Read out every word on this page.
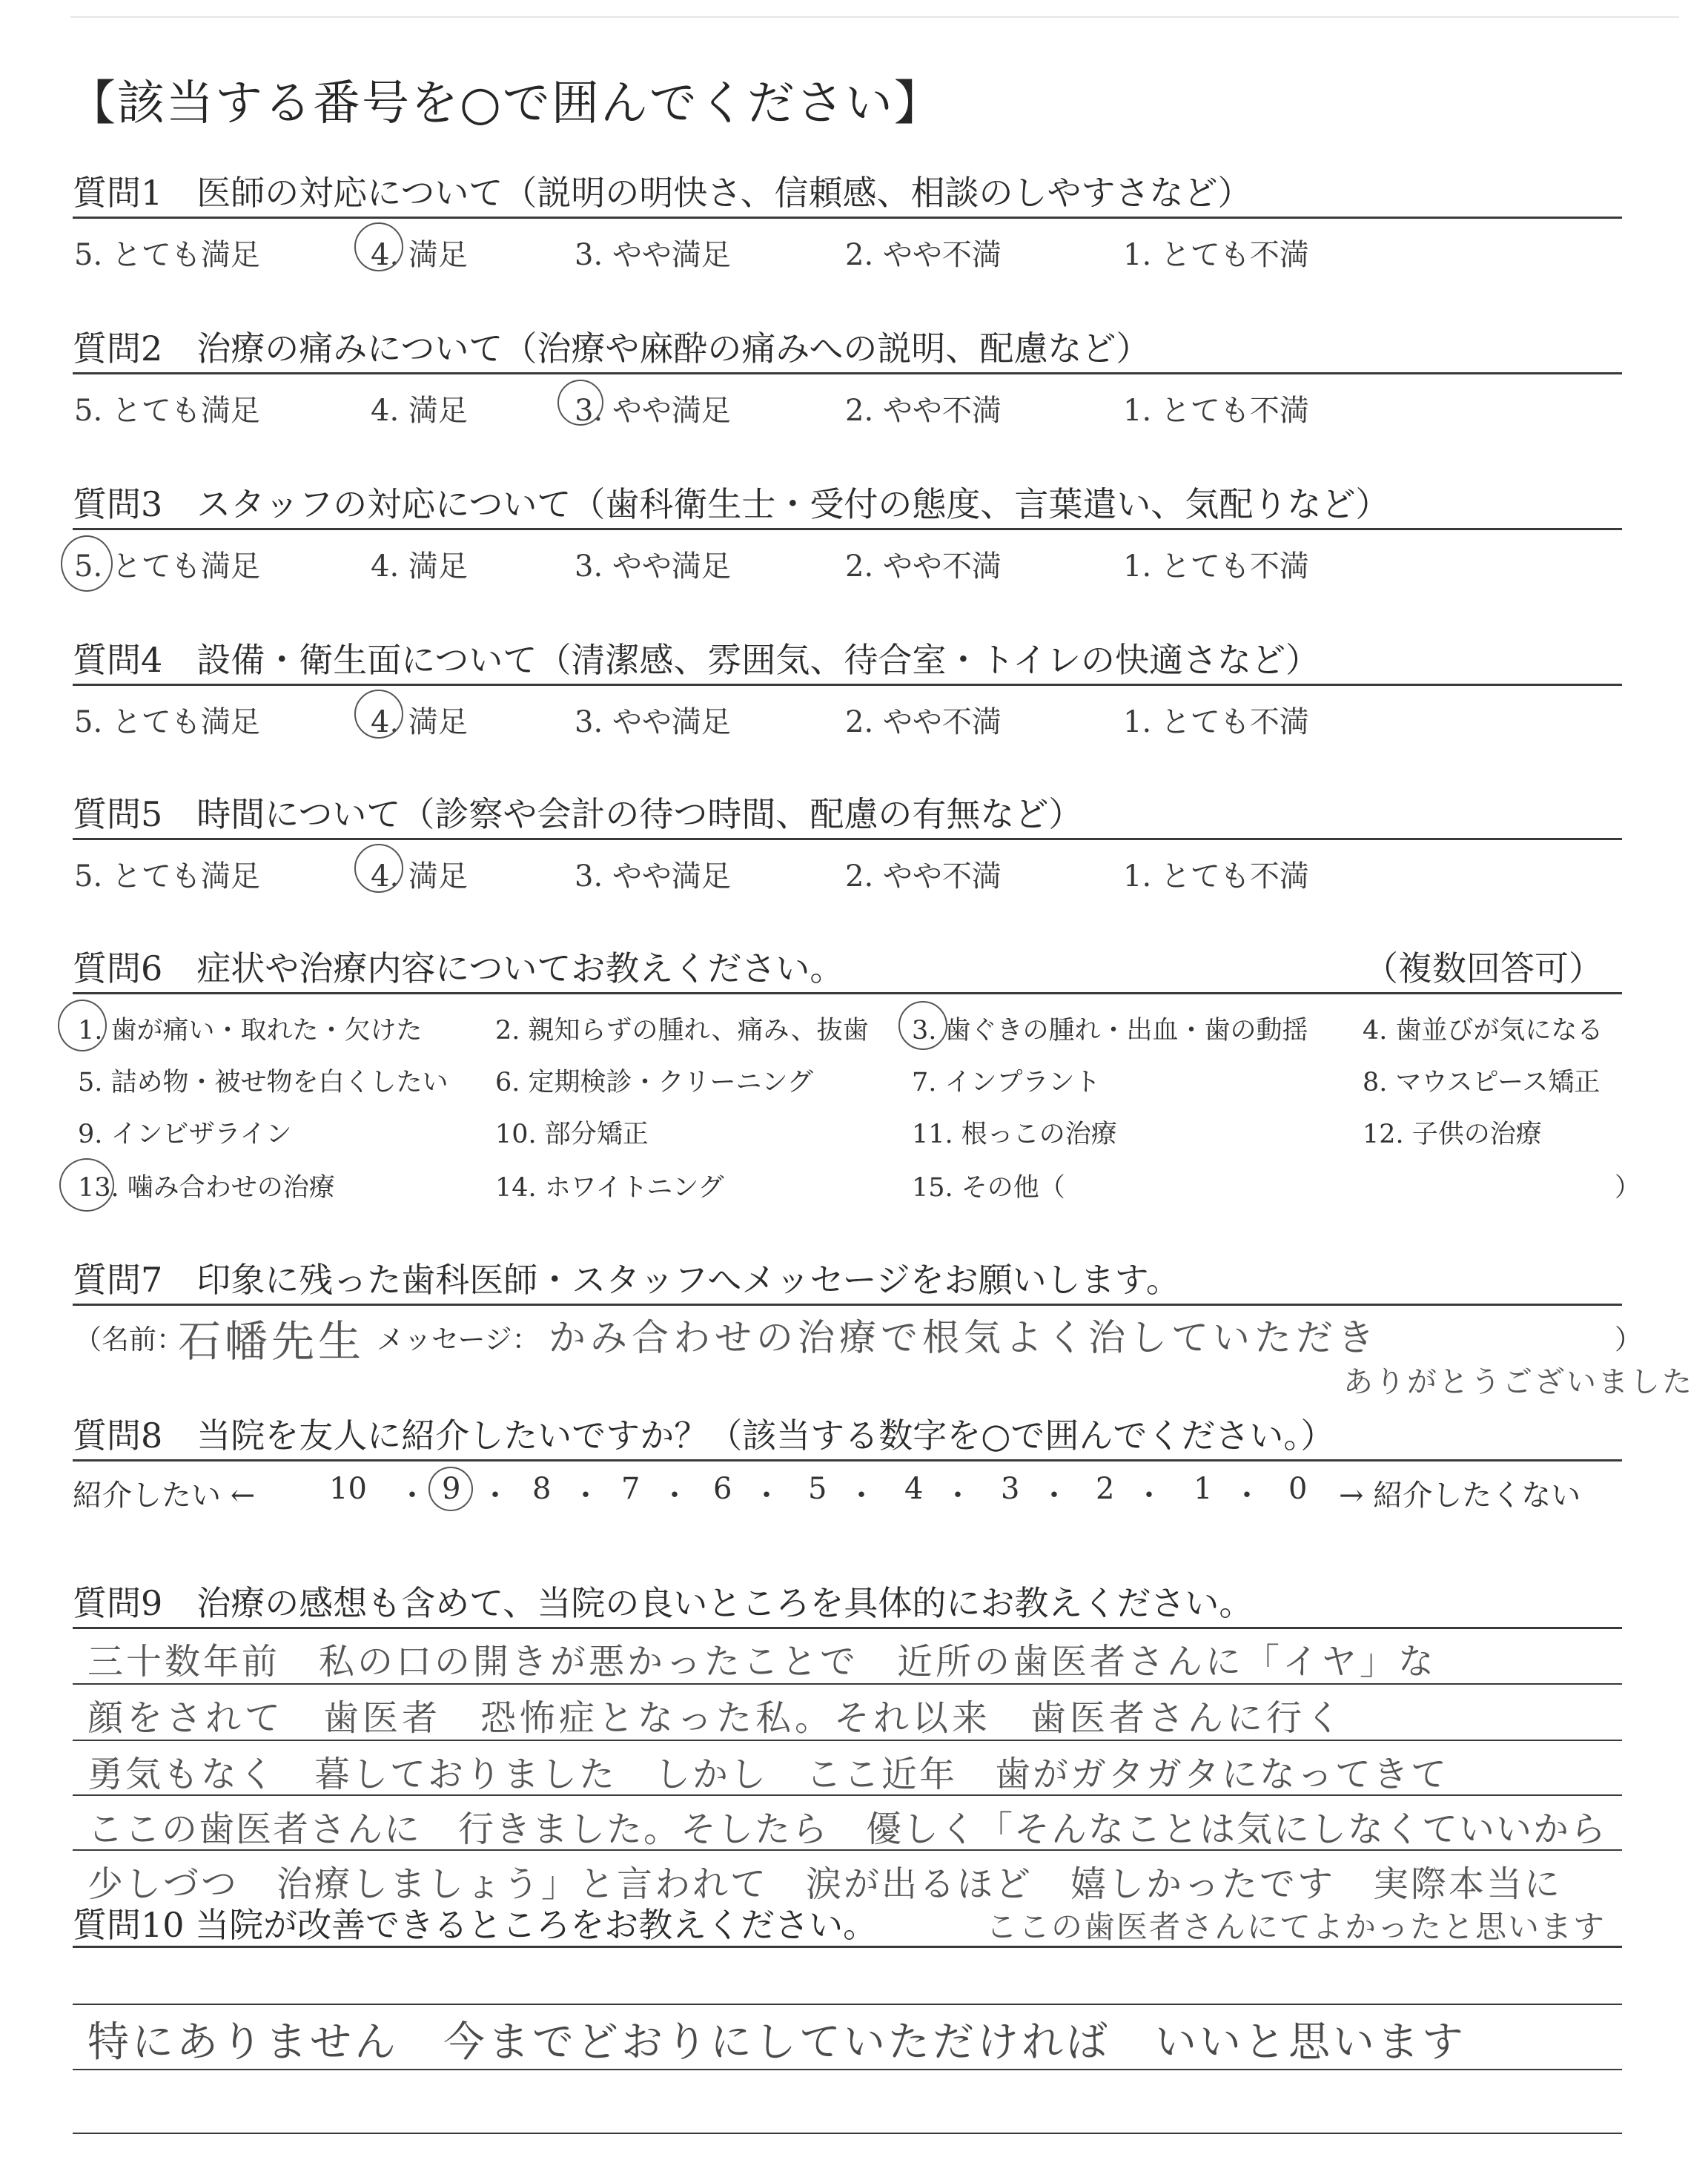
【該当する番号を○で囲んでください】
質問1　医師の対応について（説明の明快さ、信頼感、相談のしやすさなど）
5. とても満足	4. 満足	3. やや満足	2. やや不満	1. とても不満
質問2　治療の痛みについて（治療や麻酔の痛みへの説明、配慮など）
5. とても満足	4. 満足	3. やや満足	2. やや不満	1. とても不満
質問3　スタッフの対応について（歯科衛生士・受付の態度、言葉遣い、気配りなど）
5. とても満足	4. 満足	3. やや満足	2. やや不満	1. とても不満
質問4　設備・衛生面について（清潔感、雰囲気、待合室・トイレの快適さなど）
5. とても満足	4. 満足	3. やや満足	2. やや不満	1. とても不満
質問5　時間について（診察や会計の待つ時間、配慮の有無など）
5. とても満足	4. 満足	3. やや満足	2. やや不満	1. とても不満
質問6　症状や治療内容についてお教えください。	（複数回答可）
1. 歯が痛い・取れた・欠けた	2. 親知らずの腫れ、痛み、抜歯 3. 歯ぐきの腫れ・出血・歯の動揺 4. 歯並びが気になる
5. 詰め物・被せ物を白くしたい 6. 定期検診・クリーニング	7. インプラント	8. マウスピース矯正
9. インビザライン	10. 部分矯正	11. 根っこの治療	12. 子供の治療
13. 噛み合わせの治療	14. ホワイトニング	15. その他（	）
質問7　印象に残った歯科医師・スタッフへメッセージをお願いします。
（名前：
石幡先生 メッセージ： かみ合わせの治療で根気よく治していただき	）
ありがとうございました
質問8　当院を友人に紹介したいですか？（該当する数字を○で囲んでください。）
紹介したい ← 10 ・ 9 ・ 8 ・ 7 ・ 6 ・ 5 ・ 4 ・ 3 ・ 2 ・ 1 ・ 0 → 紹介したくない
質問9　治療の感想も含めて、当院の良いところを具体的にお教えください。
三十数年前　私の口の開きが悪かったことで　近所の歯医者さんに「イヤ」な
顔をされて　歯医者　恐怖症となった私。それ以来　歯医者さんに行く
勇気もなく　暮しておりました　しかし　ここ近年　歯がガタガタになってきて
ここの歯医者さんに　行きました。そしたら　優しく「そんなことは気にしなくていいから
少しづつ　治療しましょう」と言われて　涙が出るほど　嬉しかったです　実際本当に
質問10 当院が改善できるところをお教えください。	ここの歯医者さんにてよかったと思います
特にありません　今までどおりにしていただければ　いいと思います
